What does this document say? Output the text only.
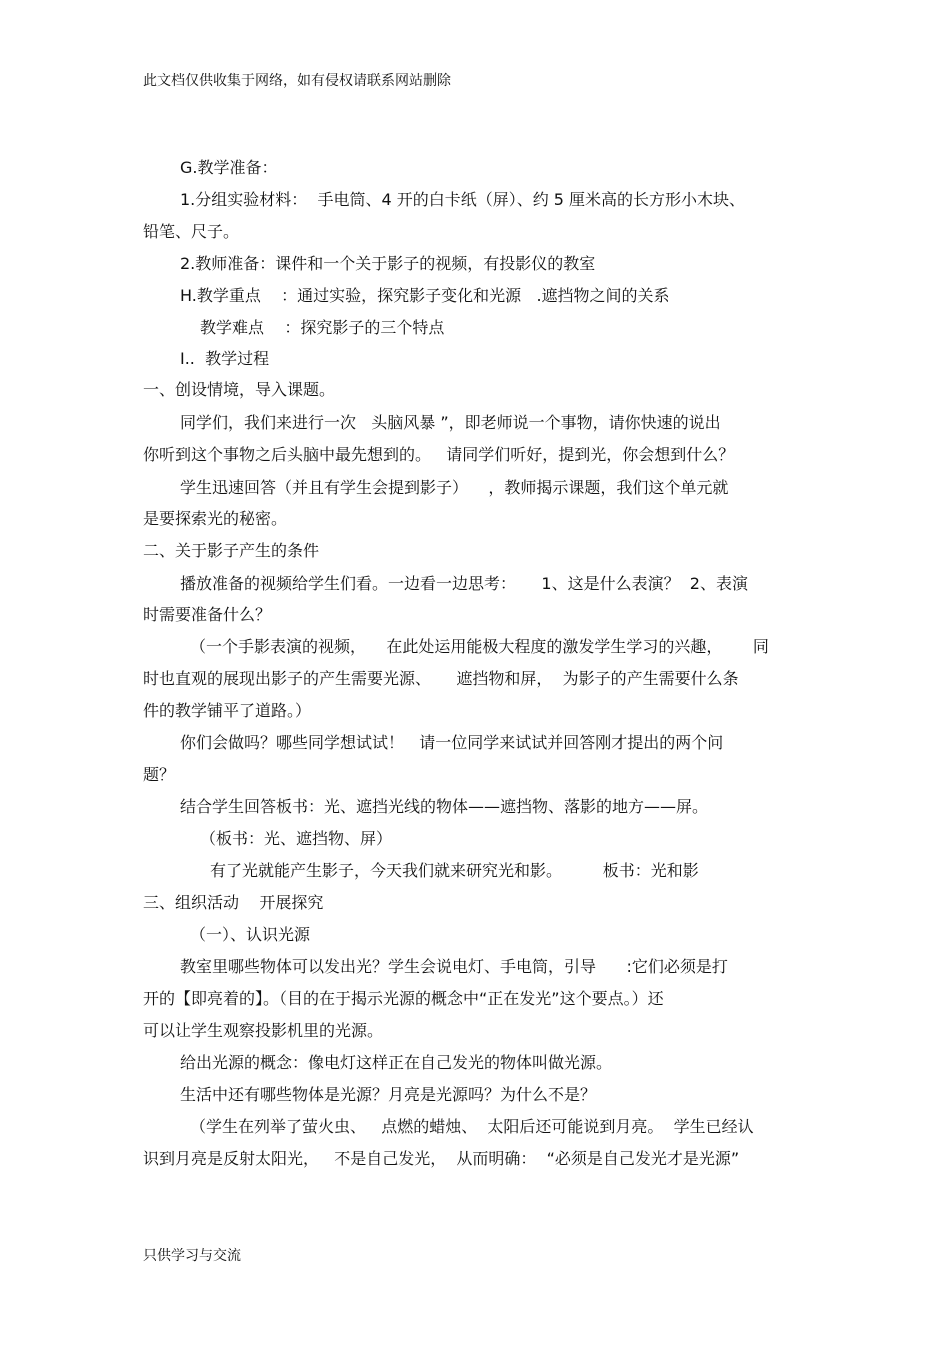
此文档仅供收集于网络，如有侵权请联系网站删除
G.教学准备：
1.分组实验材料：  手电筒、4 开的白卡纸（屏）、约 5 厘米高的长方形小木块、
铅笔、尺子。
2.教师准备：课件和一个关于影子的视频，有投影仪的教室
H.教学重点    ：通过实验，探究影子变化和光源   .遮挡物之间的关系
教学难点    ：探究影子的三个特点
I..  教学过程
一、创设情境，导入课题。
同学们，我们来进行一次   头脑风暴 ”，即老师说一个事物，请你快速的说出
你听到这个事物之后头脑中最先想到的。   请同学们听好，提到光，你会想到什么？
学生迅速回答（并且有学生会提到影子）    ，教师揭示课题，我们这个单元就
是要探索光的秘密。
二、关于影子产生的条件
播放准备的视频给学生们看。一边看一边思考：     1、这是什么表演？  2、表演
时需要准备什么？
（一个手影表演的视频，    在此处运用能极大程度的激发学生学习的兴趣，      同
时也直观的展现出影子的产生需要光源、     遮挡物和屏，  为影子的产生需要什么条
件的教学铺平了道路。）
你们会做吗？哪些同学想试试！   请一位同学来试试并回答刚才提出的两个问
题？
结合学生回答板书：光、遮挡光线的物体——遮挡物、落影的地方——屏。
（板书：光、遮挡物、屏）
有了光就能产生影子，今天我们就来研究光和影。        板书：光和影
三、组织活动    开展探究
（一）、认识光源
教室里哪些物体可以发出光？学生会说电灯、手电筒，引导      :它们必须是打
开的【即亮着的】。（目的在于揭示光源的概念中“正在发光”这个要点。）还
可以让学生观察投影机里的光源。
给出光源的概念：像电灯这样正在自己发光的物体叫做光源。
生活中还有哪些物体是光源？月亮是光源吗？为什么不是？
（学生在列举了萤火虫、   点燃的蜡烛、  太阳后还可能说到月亮。  学生已经认
识到月亮是反射太阳光，   不是自己发光，  从而明确：  “必须是自己发光才是光源”
只供学习与交流
